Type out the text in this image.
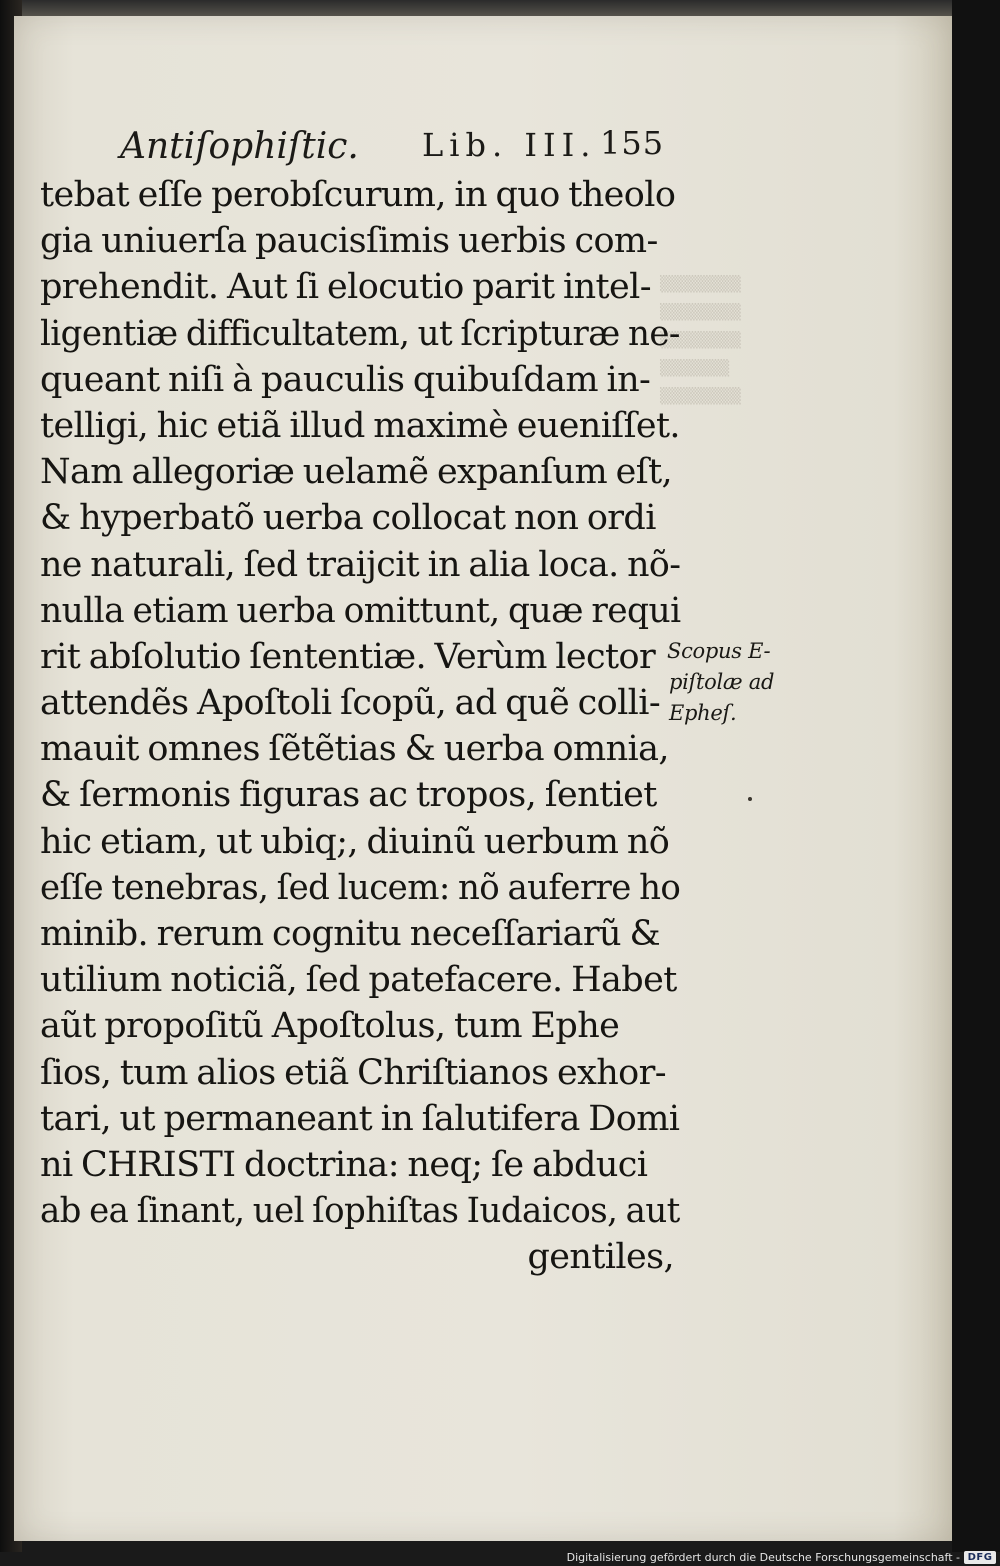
▒▒▒▒▒▒▒
▒▒▒▒▒▒▒
▒▒▒▒▒▒▒
▒▒▒▒▒▒
▒▒▒▒▒▒▒
Antiſophiſtic. Lib. III. 155

tebat eſſe perobſcurum, in quo theolo
gia uniuerſa paucisſimis uerbis com-
prehendit. Aut ſi elocutio parit intel-
ligentiæ difficultatem, ut ſcripturæ ne-
queant niſi à pauculis quibuſdam in-
telligi, hic etiã illud maximè eueniſſet.
Nam allegoriæ uelamẽ expanſum eſt,
& hyperbatõ uerba collocat non ordi
ne naturali, ſed traijcit in alia loca. nõ-
nulla etiam uerba omittunt, quæ requi
rit abſolutio ſententiæ. Verùm lector
attendẽs Apoſtoli ſcopũ, ad quẽ colli-
mauit omnes ſẽtẽtias & uerba omnia,
& ſermonis figuras ac tropos, ſentiet
hic etiam, ut ubiq;, diuinũ uerbum nõ
eſſe tenebras, ſed lucem: nõ auferre ho
minib. rerum cognitu neceſſariarũ &
utilium noticiã, ſed patefacere. Habet
aũt propoſitũ Apoſtolus, tum Ephe
ſios, tum alios etiã Chriſtianos exhor-
tari, ut permaneant in ſalutifera Domi
ni CHRISTI doctrina: neq; ſe abduci
ab ea ſinant, uel ſophiſtas Iudaicos, aut
gentiles,

Scopus E-
piſtolæ ad
Epheſ.
Digitalisierung gefördert durch die Deutsche Forschungsgemeinschaft - DFG
